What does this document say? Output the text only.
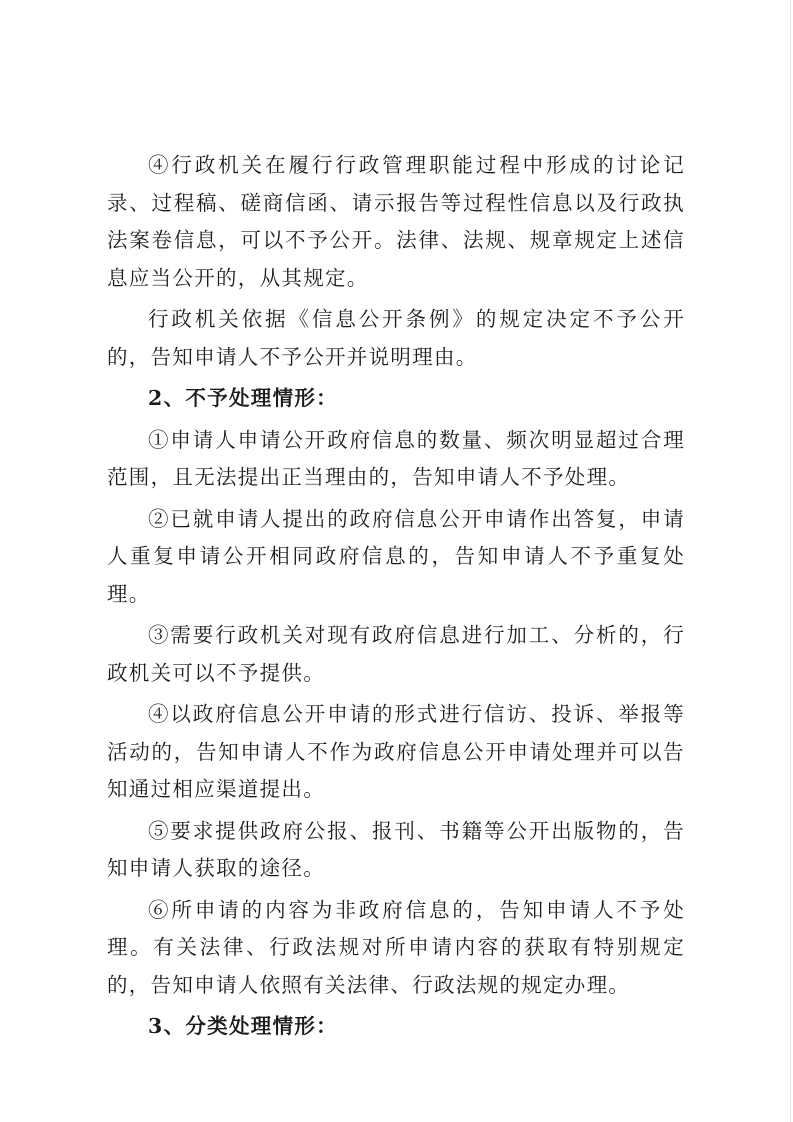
④行政机关在履行行政管理职能过程中形成的讨论记录、过程稿、磋商信函、请示报告等过程性信息以及行政执法案卷信息，可以不予公开。法律、法规、规章规定上述信息应当公开的，从其规定。

行政机关依据《信息公开条例》的规定决定不予公开的，告知申请人不予公开并说明理由。

2、不予处理情形：

①申请人申请公开政府信息的数量、频次明显超过合理范围，且无法提出正当理由的，告知申请人不予处理。

②已就申请人提出的政府信息公开申请作出答复，申请人重复申请公开相同政府信息的，告知申请人不予重复处理。

③需要行政机关对现有政府信息进行加工、分析的，行政机关可以不予提供。

④以政府信息公开申请的形式进行信访、投诉、举报等活动的，告知申请人不作为政府信息公开申请处理并可以告知通过相应渠道提出。

⑤要求提供政府公报、报刊、书籍等公开出版物的，告知申请人获取的途径。

⑥所申请的内容为非政府信息的，告知申请人不予处理。有关法律、行政法规对所申请内容的获取有特别规定的，告知申请人依照有关法律、行政法规的规定办理。

3、分类处理情形：
